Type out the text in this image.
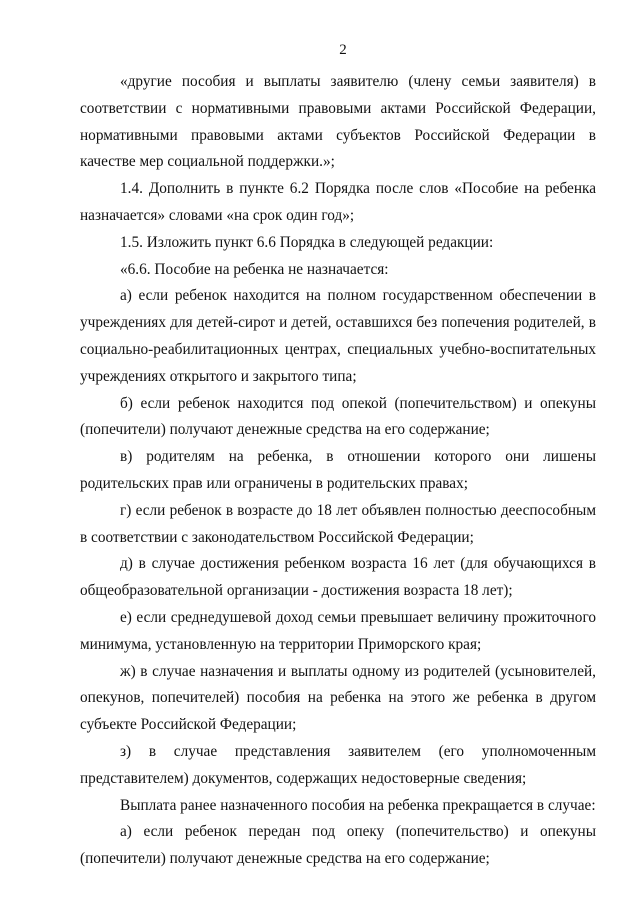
2

«другие пособия и выплаты заявителю (члену семьи заявителя) в соответствии с нормативными правовыми актами Российской Федерации, нормативными правовыми актами субъектов Российской Федерации в качестве мер социальной поддержки.»;

1.4. Дополнить в пункте 6.2 Порядка после слов «Пособие на ребенка назначается» словами «на срок один год»;

1.5. Изложить пункт 6.6 Порядка в следующей редакции:

«6.6. Пособие на ребенка не назначается:

а) если ребенок находится на полном государственном обеспечении в учреждениях для детей-сирот и детей, оставшихся без попечения родителей, в социально-реабилитационных центрах, специальных учебно-воспитательных учреждениях открытого и закрытого типа;

б) если ребенок находится под опекой (попечительством) и опекуны (попечители) получают денежные средства на его содержание;

в) родителям на ребенка, в отношении которого они лишены родительских прав или ограничены в родительских правах;

г) если ребенок в возрасте до 18 лет объявлен полностью дееспособным в соответствии с законодательством Российской Федерации;

д) в случае достижения ребенком возраста 16 лет (для обучающихся в общеобразовательной организации - достижения возраста 18 лет);

е) если среднедушевой доход семьи превышает величину прожиточного минимума, установленную на территории Приморского края;

ж) в случае назначения и выплаты одному из родителей (усыновителей, опекунов, попечителей) пособия на ребенка на этого же ребенка в другом субъекте Российской Федерации;

з) в случае представления заявителем (его уполномоченным представителем) документов, содержащих недостоверные сведения;

Выплата ранее назначенного пособия на ребенка прекращается в случае:

а) если ребенок передан под опеку (попечительство) и опекуны (попечители) получают денежные средства на его содержание;
